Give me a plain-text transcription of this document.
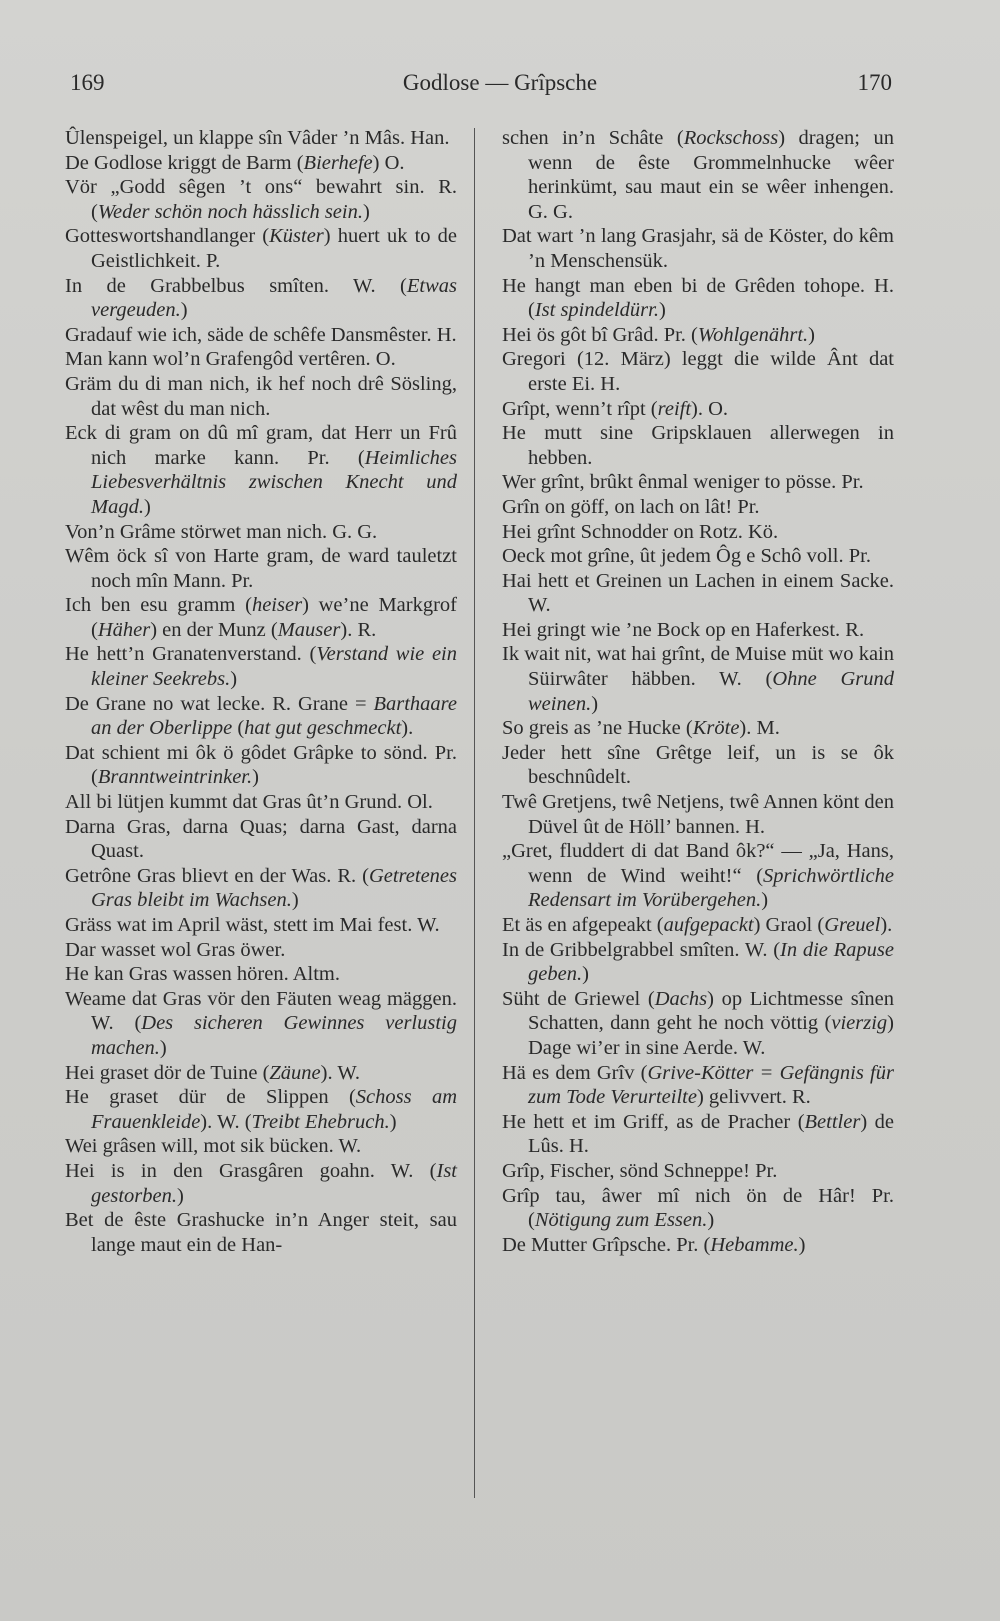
169	Godlose — Grîpsche	170
Ûlenspeigel, un klappe sîn Vâder ’n Mâs. Han.
De Godlose kriggt de Barm (Bierhefe) O.
Vör „Godd sêgen ’t ons“ bewahrt sin. R. (Weder schön noch hässlich sein.)
Gotteswortshandlanger (Küster) huert uk to de Geistlichkeit. P.
In de Grabbelbus smîten. W. (Etwas vergeuden.)
Gradauf wie ich, säde de schêfe Dansmêster. H.
Man kann wol’n Grafengôd vertêren. O.
Gräm du di man nich, ik hef noch drê Sösling, dat wêst du man nich.
Eck di gram on dû mî gram, dat Herr un Frû nich marke kann. Pr. (Heimliches Liebesverhältnis zwischen Knecht und Magd.)
Von’n Grâme störwet man nich. G. G.
Wêm öck sî von Harte gram, de ward tauletzt noch mîn Mann. Pr.
Ich ben esu gramm (heiser) we’ne Markgrof (Häher) en der Munz (Mauser). R.
He hett’n Granatenverstand. (Verstand wie ein kleiner Seekrebs.)
De Grane no wat lecke. R. Grane = Barthaare an der Oberlippe (hat gut geschmeckt).
Dat schient mi ôk ö gôdet Grâpke to sönd. Pr. (Branntweintrinker.)
All bi lütjen kummt dat Gras ût’n Grund. Ol.
Darna Gras, darna Quas; darna Gast, darna Quast.
Getrône Gras blievt en der Was. R. (Getretenes Gras bleibt im Wachsen.)
Gräss wat im April wäst, stett im Mai fest. W.
Dar wasset wol Gras öwer.
He kan Gras wassen hören. Altm.
Weame dat Gras vör den Fäuten weag mäggen. W. (Des sicheren Gewinnes verlustig machen.)
Hei graset dör de Tuine (Zäune). W.
He graset dür de Slippen (Schoss am Frauenkleide). W. (Treibt Ehebruch.)
Wei grâsen will, mot sik bücken. W.
Hei is in den Grasgâren goahn. W. (Ist gestorben.)
Bet de êste Grashucke in’n Anger steit, sau lange maut ein de Han-
schen in’n Schâte (Rockschoss) dragen; un wenn de êste Grommelnhucke wêer herinkümt, sau maut ein se wêer inhengen. G. G.
Dat wart ’n lang Grasjahr, sä de Köster, do kêm ’n Menschensük.
He hangt man eben bi de Grêden tohope. H. (Ist spindeldürr.)
Hei ös gôt bî Grâd. Pr. (Wohlgenährt.)
Gregori (12. März) leggt die wilde Ânt dat erste Ei. H.
Grîpt, wenn’t rîpt (reift). O.
He mutt sine Gripsklauen allerwegen in hebben.
Wer grînt, brûkt ênmal weniger to pösse. Pr.
Grîn on göff, on lach on lât! Pr.
Hei grînt Schnodder on Rotz. Kö.
Oeck mot grîne, ût jedem Ôg e Schô voll. Pr.
Hai hett et Greinen un Lachen in einem Sacke. W.
Hei gringt wie ’ne Bock op en Haferkest. R.
Ik wait nit, wat hai grînt, de Muise müt wo kain Süirwâter häbben. W. (Ohne Grund weinen.)
So greis as ’ne Hucke (Kröte). M.
Jeder hett sîne Grêtge leif, un is se ôk beschnûdelt.
Twê Gretjens, twê Netjens, twê Annen könt den Düvel ût de Höll’ bannen. H.
„Gret, fluddert di dat Band ôk?“ — „Ja, Hans, wenn de Wind weiht!“ (Sprichwörtliche Redensart im Vorübergehen.)
Et äs en afgepeakt (aufgepackt) Graol (Greuel).
In de Gribbelgrabbel smîten. W. (In die Rapuse geben.)
Süht de Griewel (Dachs) op Lichtmesse sînen Schatten, dann geht he noch vöttig (vierzig) Dage wi’er in sine Aerde. W.
Hä es dem Grîv (Grive-Kötter = Gefängnis für zum Tode Verurteilte) gelivvert. R.
He hett et im Griff, as de Pracher (Bettler) de Lûs. H.
Grîp, Fischer, sönd Schneppe! Pr.
Grîp tau, âwer mî nich ön de Hâr! Pr. (Nötigung zum Essen.)
De Mutter Grîpsche. Pr. (Hebamme.)
